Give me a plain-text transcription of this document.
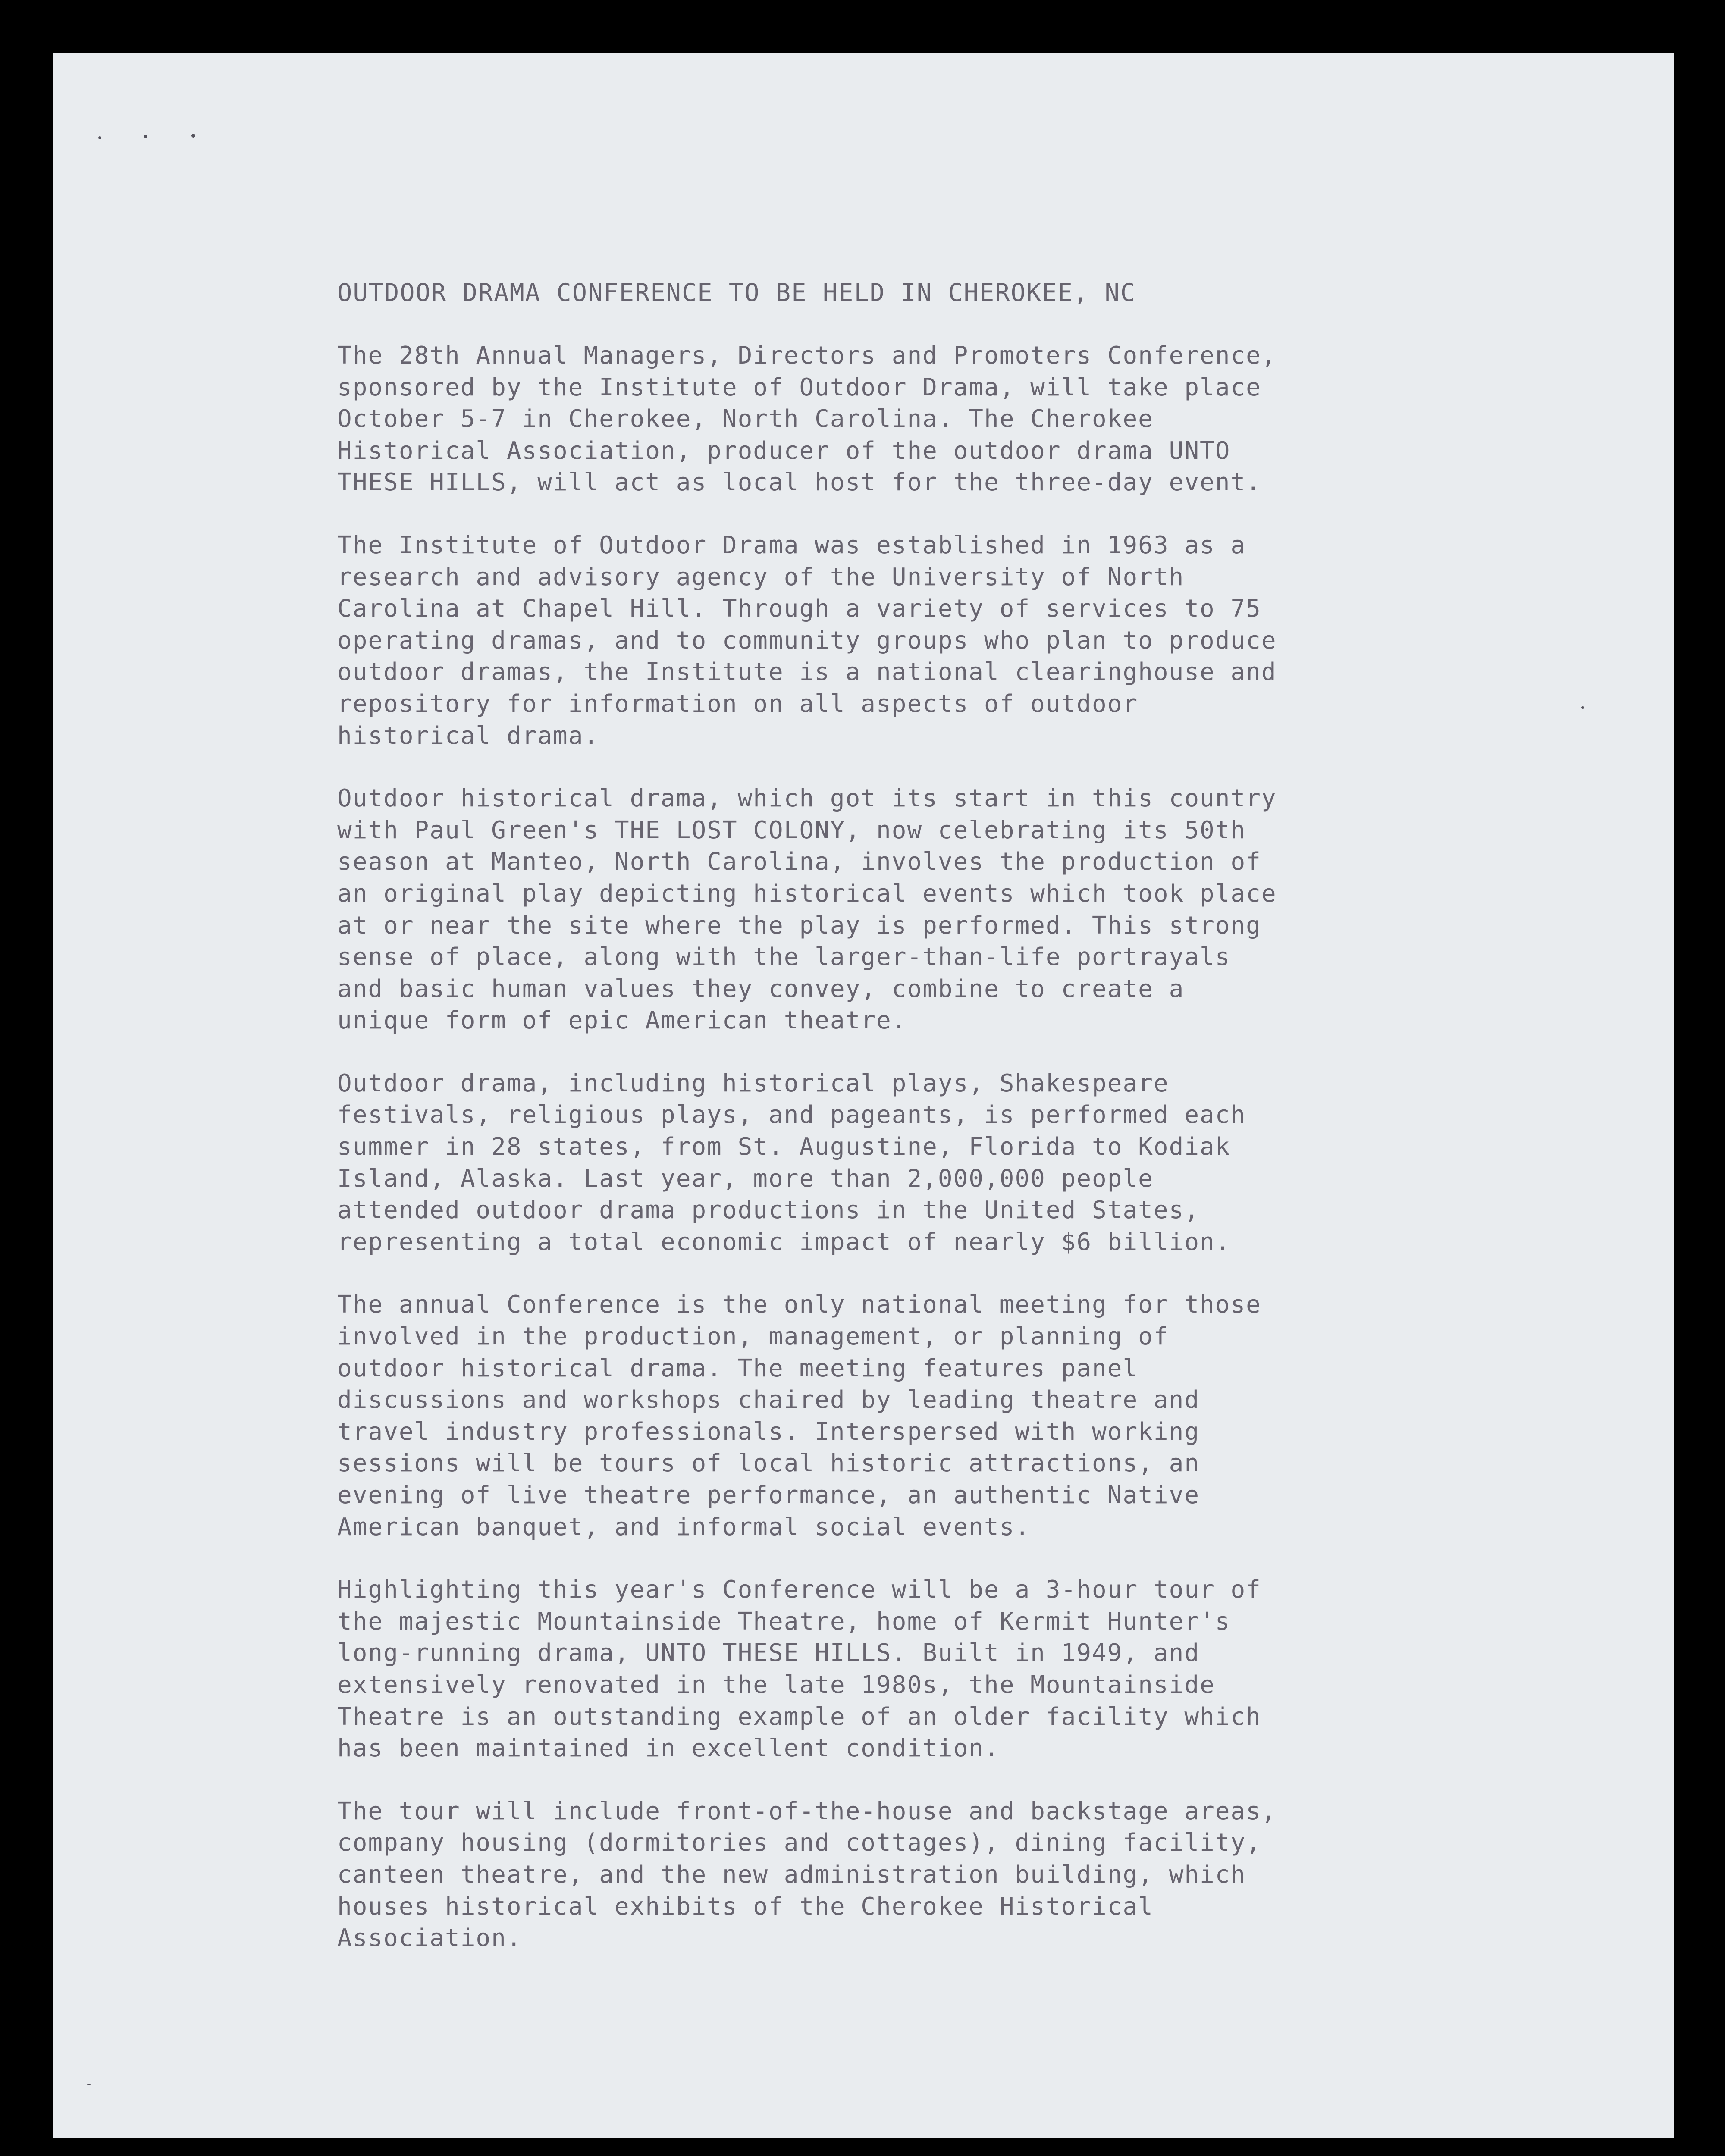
OUTDOOR DRAMA CONFERENCE TO BE HELD IN CHEROKEE, NC
The 28th Annual Managers, Directors and Promoters Conference,
sponsored by the Institute of Outdoor Drama, will take place
October 5-7 in Cherokee, North Carolina. The Cherokee
Historical Association, producer of the outdoor drama UNTO
THESE HILLS, will act as local host for the three-day event.
The Institute of Outdoor Drama was established in 1963 as a
research and advisory agency of the University of North
Carolina at Chapel Hill. Through a variety of services to 75
operating dramas, and to community groups who plan to produce
outdoor dramas, the Institute is a national clearinghouse and
repository for information on all aspects of outdoor
historical drama.
Outdoor historical drama, which got its start in this country
with Paul Green's THE LOST COLONY, now celebrating its 50th
season at Manteo, North Carolina, involves the production of
an original play depicting historical events which took place
at or near the site where the play is performed. This strong
sense of place, along with the larger-than-life portrayals
and basic human values they convey, combine to create a
unique form of epic American theatre.
Outdoor drama, including historical plays, Shakespeare
festivals, religious plays, and pageants, is performed each
summer in 28 states, from St. Augustine, Florida to Kodiak
Island, Alaska. Last year, more than 2,000,000 people
attended outdoor drama productions in the United States,
representing a total economic impact of nearly $6 billion.
The annual Conference is the only national meeting for those
involved in the production, management, or planning of
outdoor historical drama. The meeting features panel
discussions and workshops chaired by leading theatre and
travel industry professionals. Interspersed with working
sessions will be tours of local historic attractions, an
evening of live theatre performance, an authentic Native
American banquet, and informal social events.
Highlighting this year's Conference will be a 3-hour tour of
the majestic Mountainside Theatre, home of Kermit Hunter's
long-running drama, UNTO THESE HILLS. Built in 1949, and
extensively renovated in the late 1980s, the Mountainside
Theatre is an outstanding example of an older facility which
has been maintained in excellent condition.
The tour will include front-of-the-house and backstage areas,
company housing (dormitories and cottages), dining facility,
canteen theatre, and the new administration building, which
houses historical exhibits of the Cherokee Historical
Association.
